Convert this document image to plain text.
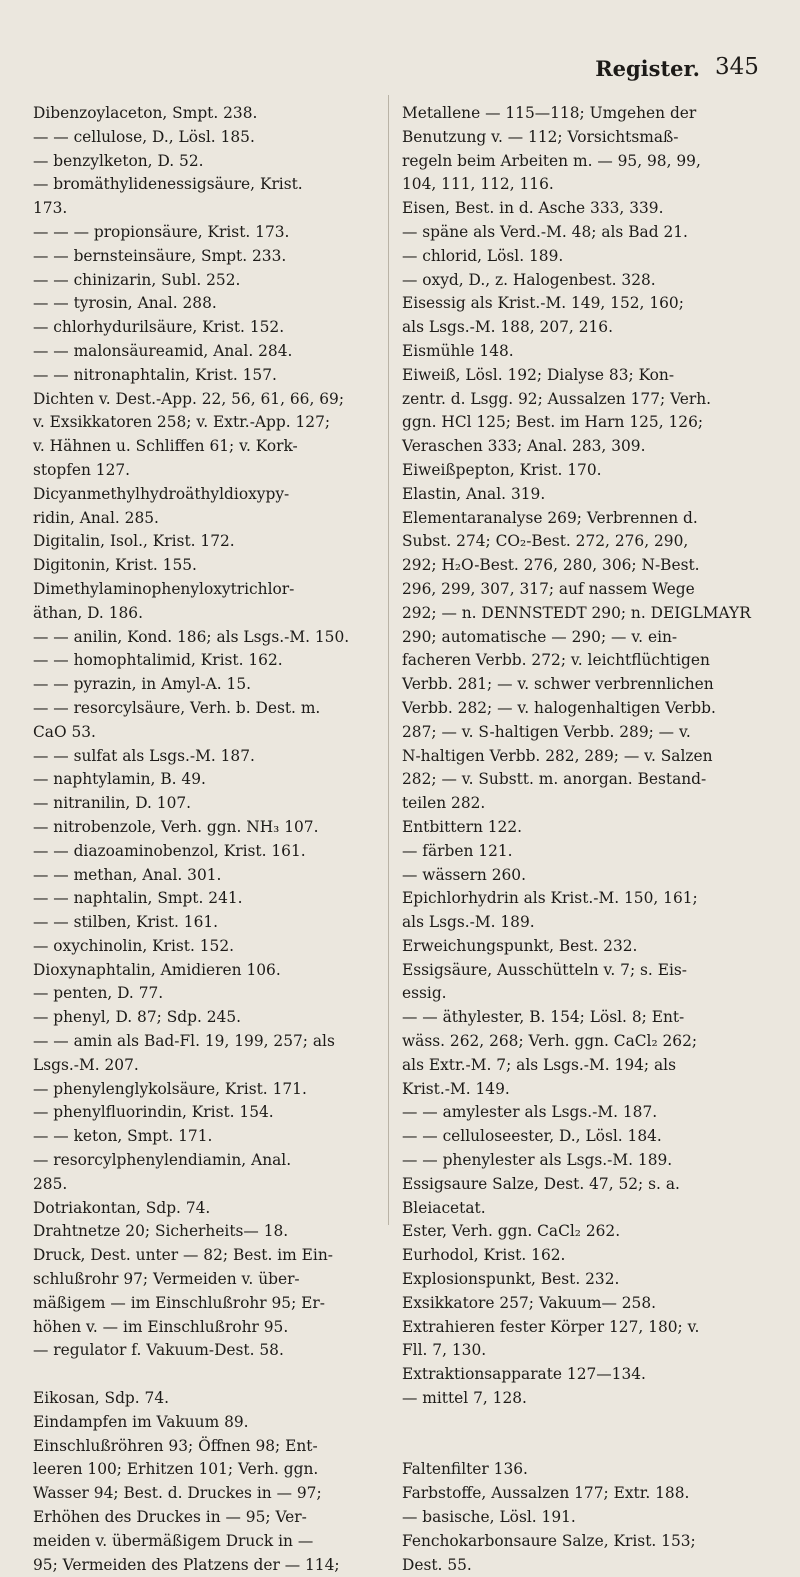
Register. 345
Dibenzoylaceton, Smpt. 238.
— — cellulose, D., Lösl. 185.
— benzylketon, D. 52.
— bromäthylidenessigsäure, Krist.
173.
— — — propionsäure, Krist. 173.
— — bernsteinsäure, Smpt. 233.
— — chinizarin, Subl. 252.
— — tyrosin, Anal. 288.
— chlorhydurilsäure, Krist. 152.
— — malonsäureamid, Anal. 284.
— — nitronaphtalin, Krist. 157.
Dichten v. Dest.-App. 22, 56, 61, 66, 69;
v. Exsikkatoren 258; v. Extr.-App. 127;
v. Hähnen u. Schliffen 61; v. Kork-
stopfen 127.
Dicyanmethylhydroäthyldioxypy-
ridin, Anal. 285.
Digitalin, Isol., Krist. 172.
Digitonin, Krist. 155.
Dimethylaminophenyloxytrichlor-
äthan, D. 186.
— — anilin, Kond. 186; als Lsgs.-M. 150.
— — homophtalimid, Krist. 162.
— — pyrazin, in Amyl-A. 15.
— — resorcylsäure, Verh. b. Dest. m.
CaO 53.
— — sulfat als Lsgs.-M. 187.
— naphtylamin, B. 49.
— nitranilin, D. 107.
— nitrobenzole, Verh. ggn. NH₃ 107.
— — diazoaminobenzol, Krist. 161.
— — methan, Anal. 301.
— — naphtalin, Smpt. 241.
— — stilben, Krist. 161.
— oxychinolin, Krist. 152.
Dioxynaphtalin, Amidieren 106.
— penten, D. 77.
— phenyl, D. 87; Sdp. 245.
— — amin als Bad-Fl. 19, 199, 257; als
Lsgs.-M. 207.
— phenylenglykolsäure, Krist. 171.
— phenylfluorindin, Krist. 154.
— — keton, Smpt. 171.
— resorcylphenylendiamin, Anal.
285.
Dotriakontan, Sdp. 74.
Drahtnetze 20; Sicherheits— 18.
Druck, Dest. unter — 82; Best. im Ein-
schlußrohr 97; Vermeiden v. über-
mäßigem — im Einschlußrohr 95; Er-
höhen v. — im Einschlußrohr 95.
— regulator f. Vakuum-Dest. 58.
Eikosan, Sdp. 74.
Eindampfen im Vakuum 89.
Einschlußröhren 93; Öffnen 98; Ent-
leeren 100; Erhitzen 101; Verh. ggn.
Wasser 94; Best. d. Druckes in — 97;
Erhöhen des Druckes in — 95; Ver-
meiden v. übermäßigem Druck in —
95; Vermeiden des Platzens der — 114;
Metallene — 115—118; Umgehen der
Benutzung v. — 112; Vorsichtsmaß-
regeln beim Arbeiten m. — 95, 98, 99,
104, 111, 112, 116.
Eisen, Best. in d. Asche 333, 339.
— späne als Verd.-M. 48; als Bad 21.
— chlorid, Lösl. 189.
— oxyd, D., z. Halogenbest. 328.
Eisessig als Krist.-M. 149, 152, 160;
als Lsgs.-M. 188, 207, 216.
Eismühle 148.
Eiweiß, Lösl. 192; Dialyse 83; Kon-
zentr. d. Lsgg. 92; Aussalzen 177; Verh.
ggn. HCl 125; Best. im Harn 125, 126;
Veraschen 333; Anal. 283, 309.
Eiweißpepton, Krist. 170.
Elastin, Anal. 319.
Elementaranalyse 269; Verbrennen d.
Subst. 274; CO₂-Best. 272, 276, 290,
292; H₂O-Best. 276, 280, 306; N-Best.
296, 299, 307, 317; auf nassem Wege
292; — n. DENNSTEDT 290; n. DEIGLMAYR
290; automatische — 290; — v. ein-
facheren Verbb. 272; v. leichtflüchtigen
Verbb. 281; — v. schwer verbrennlichen
Verbb. 282; — v. halogenhaltigen Verbb.
287; — v. S-haltigen Verbb. 289; — v.
N-haltigen Verbb. 282, 289; — v. Salzen
282; — v. Substt. m. anorgan. Bestand-
teilen 282.
Entbittern 122.
— färben 121.
— wässern 260.
Epichlorhydrin als Krist.-M. 150, 161;
als Lsgs.-M. 189.
Erweichungspunkt, Best. 232.
Essigsäure, Ausschütteln v. 7; s. Eis-
essig.
— — äthylester, B. 154; Lösl. 8; Ent-
wäss. 262, 268; Verh. ggn. CaCl₂ 262;
als Extr.-M. 7; als Lsgs.-M. 194; als
Krist.-M. 149.
— — amylester als Lsgs.-M. 187.
— — celluloseester, D., Lösl. 184.
— — phenylester als Lsgs.-M. 189.
Essigsaure Salze, Dest. 47, 52; s. a.
Bleiacetat.
Ester, Verh. ggn. CaCl₂ 262.
Eurhodol, Krist. 162.
Explosionspunkt, Best. 232.
Exsikkatore 257; Vakuum— 258.
Extrahieren fester Körper 127, 180; v.
Fll. 7, 130.
Extraktionsapparate 127—134.
— mittel 7, 128.
Faltenfilter 136.
Farbstoffe, Aussalzen 177; Extr. 188.
— basische, Lösl. 191.
Fenchokarbonsaure Salze, Krist. 153;
Dest. 55.
